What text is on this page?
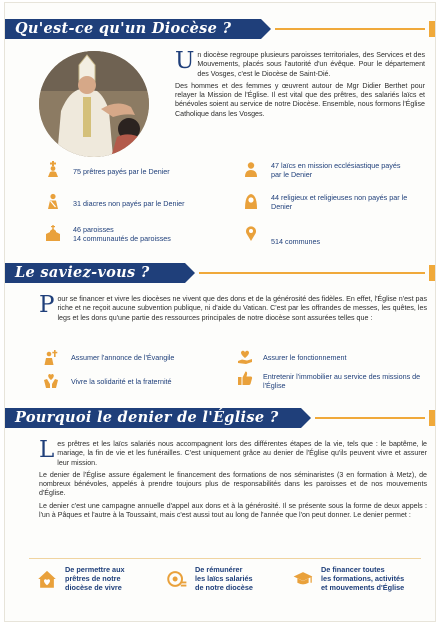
Qu'est-ce qu'un Diocèse ?
Un diocèse regroupe plusieurs paroisses territoriales, des Services et des Mouvements, placés sous l'autorité d'un évêque. Pour le département des Vosges, c'est le Diocèse de Saint-Dié.
Des hommes et des femmes y œuvrent autour de Mgr Didier Berthet pour relayer la Mission de l'Église. Il est vital que des prêtres, des salariés laïcs et bénévoles soient au service de notre Diocèse. Ensemble, nous formons l'Église Catholique dans les Vosges.
75 prêtres payés par le Denier
47 laïcs en mission ecclésiastique payés par le Denier
31 diacres non payés par le Denier
44 religieux et religieuses non payés par le Denier
46 paroisses
14 communautés de paroisses	514 communes
Le saviez-vous ?
Pour se financer et vivre les diocèses ne vivent que des dons et de la générosité des fidèles. En effet, l'Église n'est pas riche et ne reçoit aucune subvention publique, ni d'aide du Vatican. C'est par les offrandes de messes, les quêtes, les legs et les dons qu'une partie des ressources principales de notre diocèse sont assurées telles que :
Assumer l'annonce de l'Évangile	Assurer le fonctionnement
Vivre la solidarité et la fraternité
Entretenir l'immobilier au service des missions de l'Église
Pourquoi le denier de l'Église ?
Les prêtres et les laïcs salariés nous accompagnent lors des différentes étapes de la vie, tels que : le baptême, le mariage, la fin de vie et les funérailles. C'est uniquement grâce au denier de l'Église qu'ils peuvent vivre et assurer leur mission.
Le denier de l'Église assure également le financement des formations de nos séminaristes (3 en formation à Metz), de nombreux bénévoles, appelés à prendre toujours plus de responsabilités dans les paroisses et de nos mouvements d'Église.
Le denier c'est une campagne annuelle d'appel aux dons et à la générosité. Il se présente sous la forme de deux appels : l'un à Pâques et l'autre à la Toussaint, mais c'est aussi tout au long de l'année que l'on peut donner. Le denier permet :
De permettre aux
prêtres de notre
diocèse de vivre
De rémunérer
les laïcs salariés
de notre diocèse
De financer toutes
les formations, activités
et mouvements d'Église
